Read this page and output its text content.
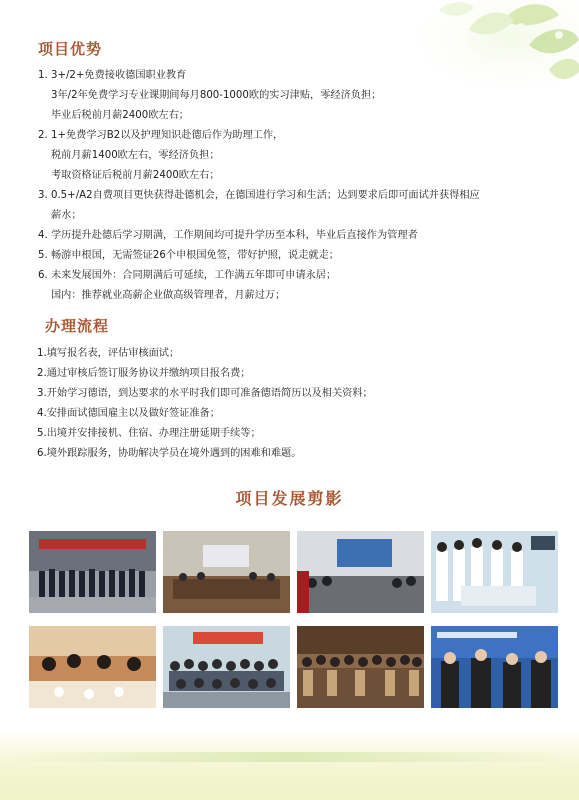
项目优势
1. 3+/2+免费接收德国职业教育
3年/2年免费学习专业课期间每月800-1000欧的实习津贴，零经济负担；
毕业后税前月薪2400欧左右；
2. 1+免费学习B2以及护理知识赴德后作为助理工作，
税前月薪1400欧左右，零经济负担；
考取资格证后税前月薪2400欧左右；
3. 0.5+/A2自费项目更快获得赴德机会，在德国进行学习和生活；达到要求后即可面试并获得相应
薪水；
4. 学历提升赴德后学习期满，工作期间均可提升学历至本科，毕业后直接作为管理者
5. 畅游申根国，无需签证26个申根国免签，带好护照，说走就走；
6. 未来发展国外：合同期满后可延续，工作满五年即可申请永居；
国内：推荐就业高薪企业做高级管理者，月薪过万；
办理流程
1.填写报名表，评估审核面试；
2.通过审核后签订服务协议并缴纳项目报名费；
3.开始学习德语，到达要求的水平时我们即可准备德语简历以及相关资料；
4.安排面试德国雇主以及做好签证准备；
5.出境并安排接机、住宿、办理注册延期手续等；
6.境外跟踪服务，协助解决学员在境外遇到的困难和难题。
项目发展剪影
